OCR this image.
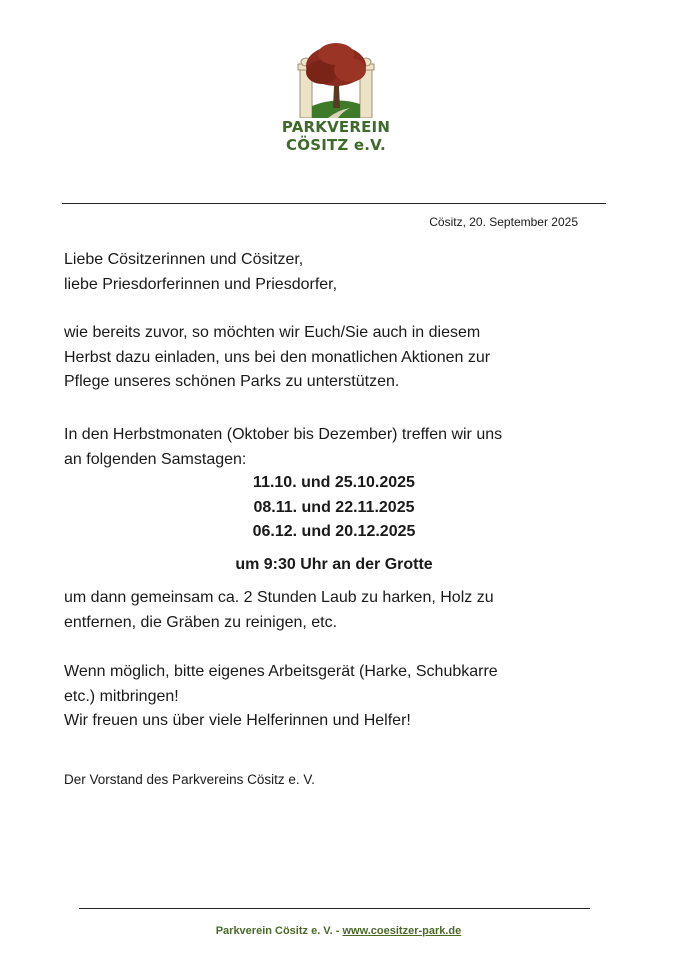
PARKVEREIN
CÖSITZ e.V.
Cösitz, 20. September 2025
Liebe Cösitzerinnen und Cösitzer,
liebe Priesdorferinnen und Priesdorfer,
wie bereits zuvor, so möchten wir Euch/Sie auch in diesem
Herbst dazu einladen, uns bei den monatlichen Aktionen zur
Pflege unseres schönen Parks zu unterstützen.
In den Herbstmonaten (Oktober bis Dezember) treffen wir uns
an folgenden Samstagen:
11.10. und 25.10.2025
08.11. und 22.11.2025
06.12. und 20.12.2025
um 9:30 Uhr an der Grotte
um dann gemeinsam ca. 2 Stunden Laub zu harken, Holz zu
entfernen, die Gräben zu reinigen, etc.
Wenn möglich, bitte eigenes Arbeitsgerät (Harke, Schubkarre
etc.) mitbringen!
Wir freuen uns über viele Helferinnen und Helfer!
Der Vorstand des Parkvereins Cösitz e. V.
Parkverein Cösitz e. V. - www.coesitzer-park.de
